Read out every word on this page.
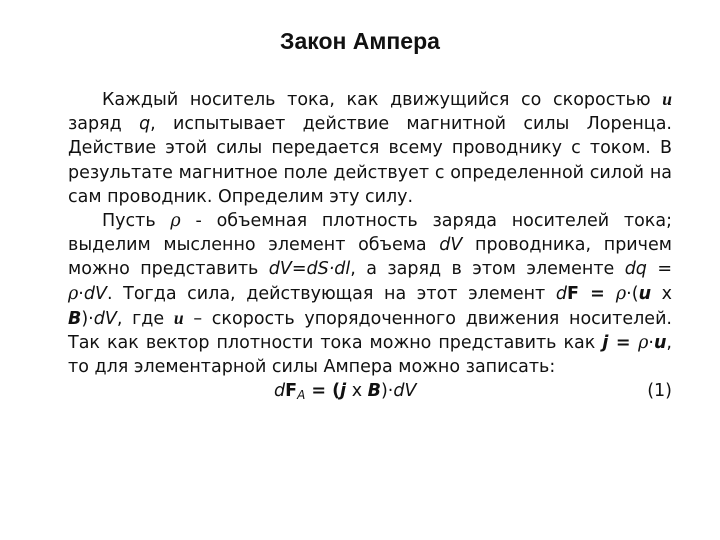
Закон Ампера

Каждый носитель тока, как движущийся со скоростью u заряд q, испытывает действие магнитной силы Лоренца. Действие этой силы передается всему проводнику с током. В результате магнитное поле действует с определенной силой на сам проводник. Определим эту силу.

Пусть ρ - объемная плотность заряда носителей тока; выделим мысленно элемент объема dV проводника, причем можно представить dV=dS·dl, а заряд в этом элементе dq = ρ·dV. Тогда сила, действующая на этот элемент dF = ρ·(u x B)·dV, где u – скорость упорядоченного движения носителей. Так как вектор плотности тока можно представить как j = ρ·u, то для элементарной силы Ампера можно записать:

$dF_A = (j$ x B)·dV	(1)
